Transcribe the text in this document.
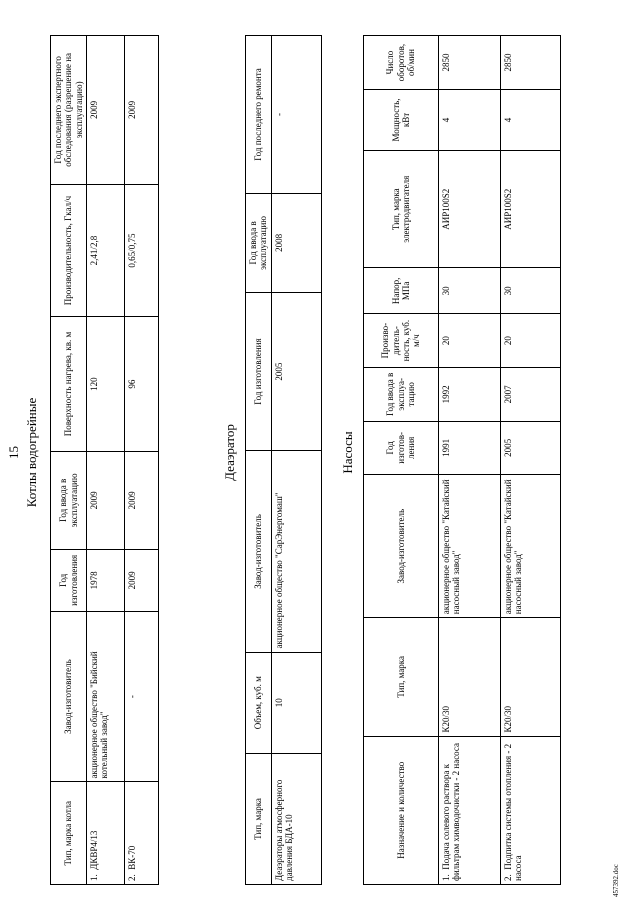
15 Котлы водогрейные
Тип, марка котла	Завод-изготовитель	Год изготовления	Год ввода в эксплуатацию	Поверхность нагрева, кв. м	Производительность, Гкал/ч	Год последнего экспертного обследования (разрешение на эксплуатацию)
1.  ДКВР4/13	акционерное общество "Бийский котельный завод"	1978	2009	120	2,41/2,8	2009
2.  ВК-70	-	2009	2009	96	0,65/0,75	2009
Деаэратор
Тип, марка	Объем, куб. м	Завод-изготовитель	Год изготовления	Год ввода в эксплуатацию	Год последнего ремонта
Деаэраторы атмосферного давления БДА-10	10	акционерное общество "СарЭнергомаш"	2005	2008	-
Насосы
Назначение и количество	Тип, марка	Завод-изготовитель	Год изготов-ления	Год ввода в эксплуа-тацию	Произво-дитель-ность, куб. м/ч	Напор, МПа	Тип, марка электродвигателя	Мощность, кВт	Число оборотов, об/мин
1.  Подача солевого раствора к фильтрам химводочистки - 2 насоса	К20/30	акционерное общество "Катайский насосный завод"	1991	1992	20	30	АИР100S2	4	2850
2.  Подпитка системы отопления - 2 насоса	К20/30	акционерное общество "Катайский насосный завод"	2005	2007	20	30	АИР100S2	4	2850
457392.doc
